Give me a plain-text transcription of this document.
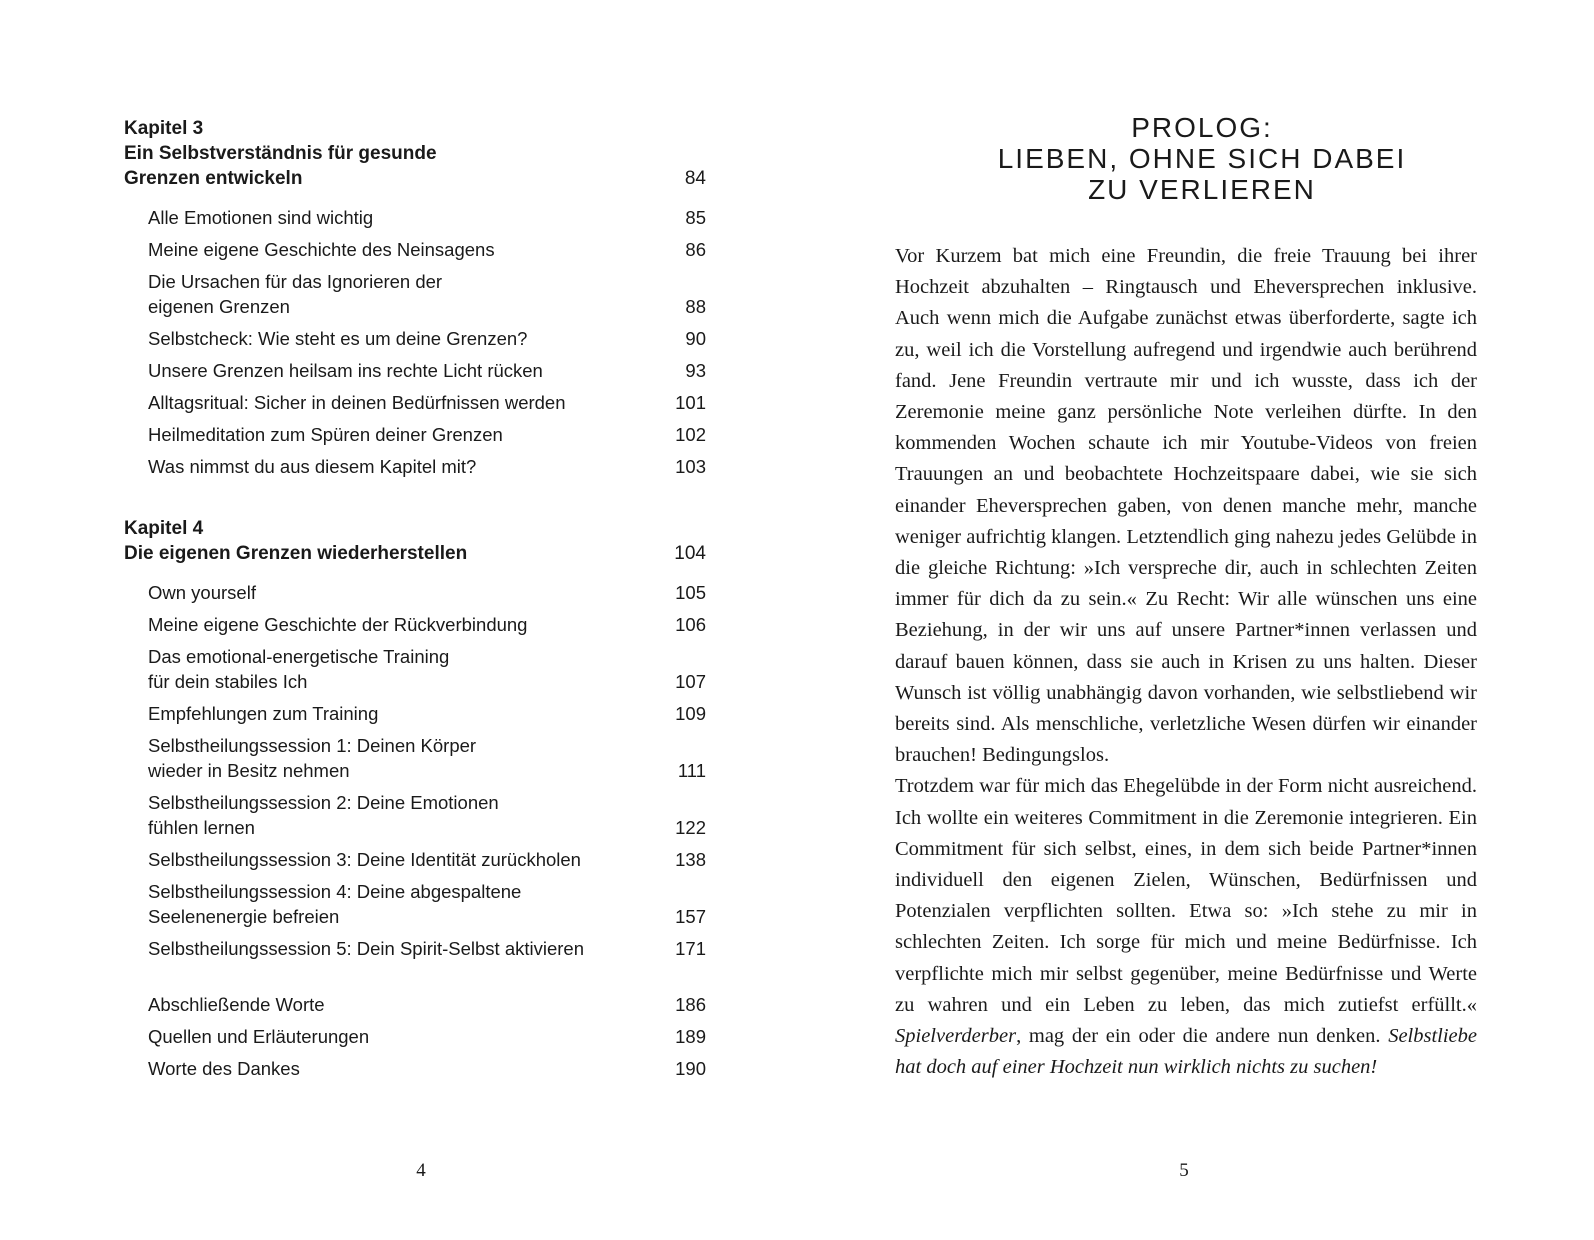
Kapitel 3
Ein Selbstverständnis für gesunde
Grenzen entwickeln	84
Alle Emotionen sind wichtig	85
Meine eigene Geschichte des Neinsagens	86
Die Ursachen für das Ignorieren der
eigenen Grenzen	88
Selbstcheck: Wie steht es um deine Grenzen?	90
Unsere Grenzen heilsam ins rechte Licht rücken	93
Alltagsritual: Sicher in deinen Bedürfnissen werden	101
Heilmeditation zum Spüren deiner Grenzen	102
Was nimmst du aus diesem Kapitel mit?	103
Kapitel 4
Die eigenen Grenzen wiederherstellen	104
Own yourself	105
Meine eigene Geschichte der Rückverbindung	106
Das emotional-energetische Training
für dein stabiles Ich	107
Empfehlungen zum Training	109
Selbstheilungssession 1: Deinen Körper
wieder in Besitz nehmen	111
Selbstheilungssession 2: Deine Emotionen
fühlen lernen	122
Selbstheilungssession 3: Deine Identität zurückholen	138
Selbstheilungssession 4: Deine abgespaltene
Seelenenergie befreien	157
Selbstheilungssession 5: Dein Spirit-Selbst aktivieren	171
Abschließende Worte	186
Quellen und Erläuterungen	189
Worte des Dankes	190
4
PROLOG:
LIEBEN, OHNE SICH DABEI
ZU VERLIEREN

Vor Kurzem bat mich eine Freundin, die freie Trauung bei ihrer Hochzeit abzuhalten – Ringtausch und Eheversprechen inklusive. Auch wenn mich die Aufgabe zunächst etwas überforderte, sagte ich zu, weil ich die Vorstellung aufregend und irgendwie auch berührend fand. Jene Freundin vertraute mir und ich wusste, dass ich der Zeremonie meine ganz persönliche Note verleihen dürfte. In den kommenden Wochen schaute ich mir Youtube-Videos von freien Trauungen an und beobachtete Hochzeitspaare dabei, wie sie sich einander Eheversprechen gaben, von denen manche mehr, manche weniger aufrichtig klangen. Letztendlich ging nahezu jedes Gelübde in die gleiche Richtung: »Ich verspreche dir, auch in schlechten Zeiten immer für dich da zu sein.« Zu Recht: Wir alle wünschen uns eine Beziehung, in der wir uns auf unsere Partner*innen verlassen und darauf bauen können, dass sie auch in Krisen zu uns halten. Dieser Wunsch ist völlig unabhängig davon vorhanden, wie selbstliebend wir bereits sind. Als menschliche, verletzliche Wesen dürfen wir einander brauchen! Bedingungslos.

Trotzdem war für mich das Ehegelübde in der Form nicht ausreichend. Ich wollte ein weiteres Commitment in die Zeremonie integrieren. Ein Commitment für sich selbst, eines, in dem sich beide Partner*innen individuell den eigenen Zielen, Wünschen, Bedürfnissen und Potenzialen verpflichten sollten. Etwa so: »Ich stehe zu mir in schlechten Zeiten. Ich sorge für mich und meine Bedürfnisse. Ich verpflichte mich mir selbst gegenüber, meine Bedürfnisse und Werte zu wahren und ein Leben zu leben, das mich zutiefst erfüllt.« Spielverderber, mag der ein oder die andere nun denken. Selbstliebe hat doch auf einer Hochzeit nun wirklich nichts zu suchen!

5
